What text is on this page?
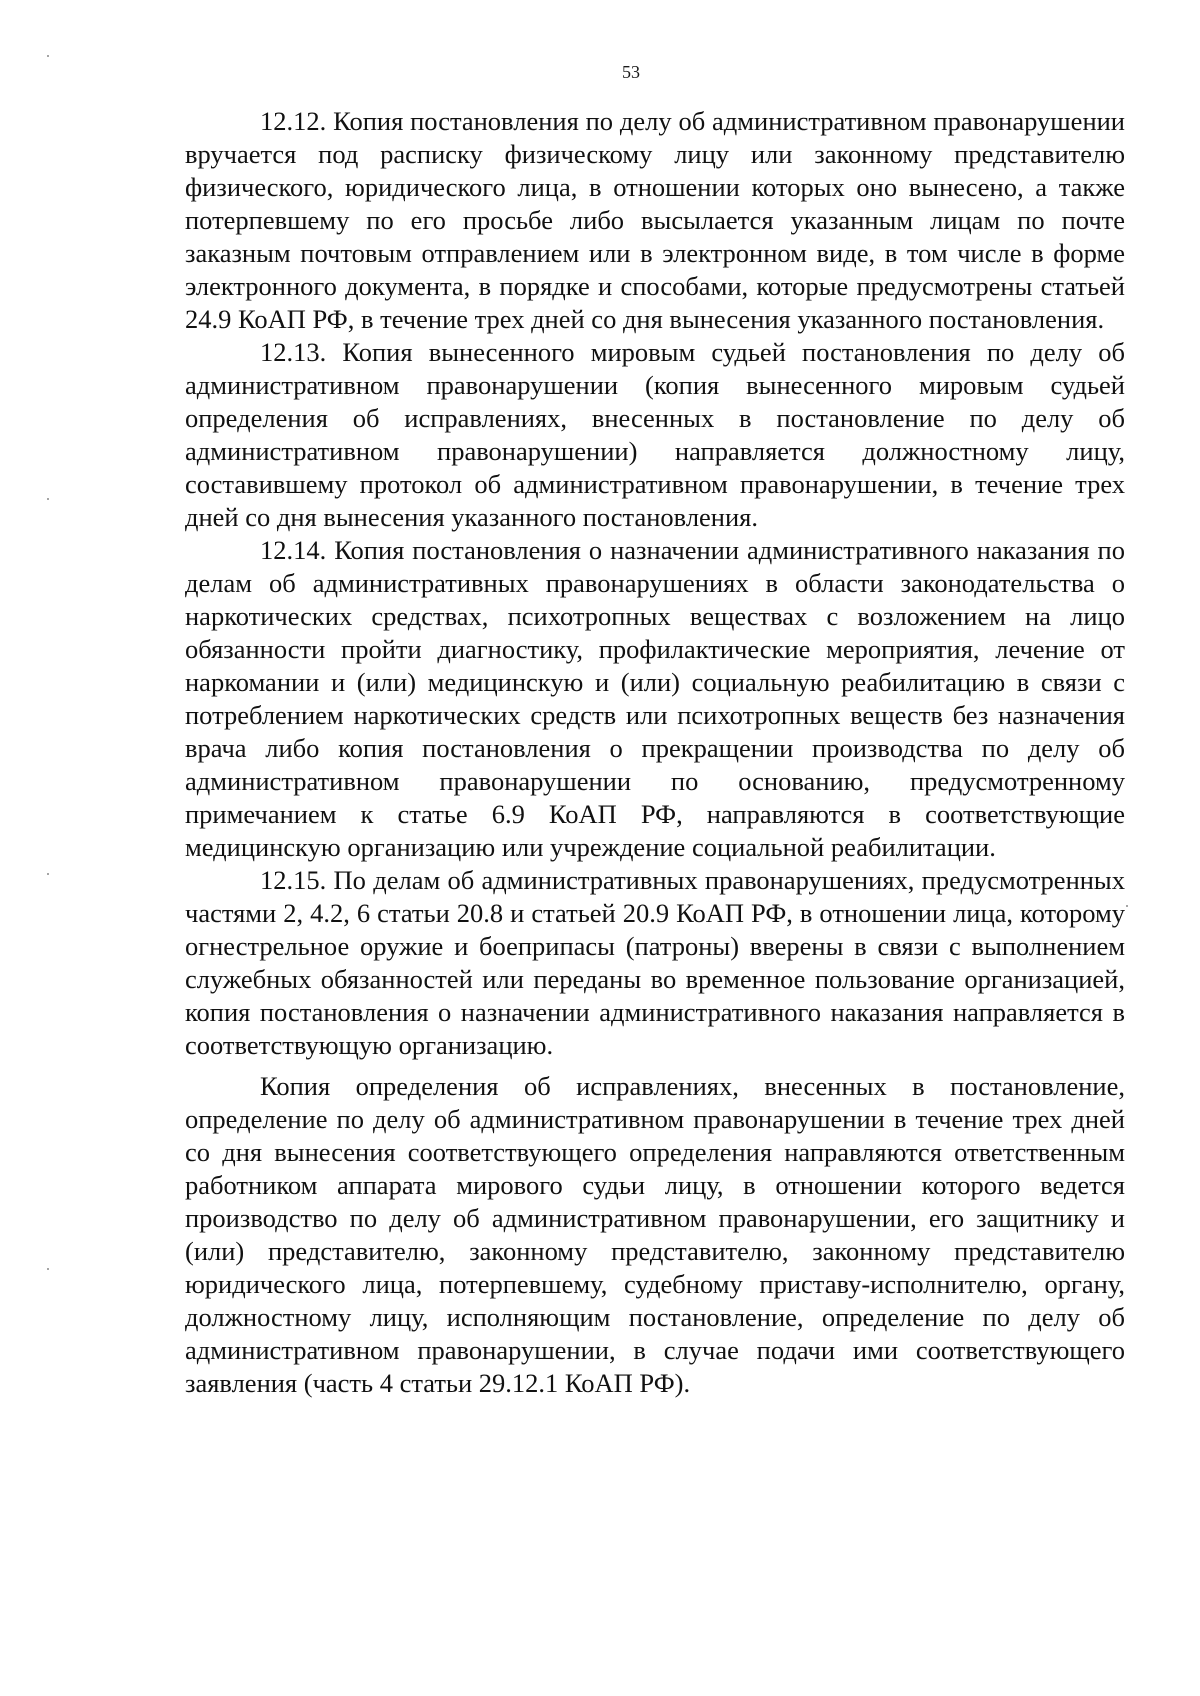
53

12.12. Копия постановления по делу об административном правонарушении вручается под расписку физическому лицу или законному представителю физического, юридического лица, в отношении которых оно вынесено, а также потерпевшему по его просьбе либо высылается указанным лицам по почте заказным почтовым отправлением или в электронном виде, в том числе в форме электронного документа, в порядке и способами, которые предусмотрены статьей 24.9 КоАП РФ, в течение трех дней со дня вынесения указанного постановления.

12.13. Копия вынесенного мировым судьей постановления по делу об административном правонарушении (копия вынесенного мировым судьей определения об исправлениях, внесенных в постановление по делу об административном правонарушении) направляется должностному лицу, составившему протокол об административном правонарушении, в течение трех дней со дня вынесения указанного постановления.

12.14. Копия постановления о назначении административного наказания по делам об административных правонарушениях в области законодательства о наркотических средствах, психотропных веществах с возложением на лицо обязанности пройти диагностику, профилактические мероприятия, лечение от наркомании и (или) медицинскую и (или) социальную реабилитацию в связи с потреблением наркотических средств или психотропных веществ без назначения врача либо копия постановления о прекращении производства по делу об административном правонарушении по основанию, предусмотренному примечанием к статье 6.9 КоАП РФ, направляются в соответствующие медицинскую организацию или учреждение социальной реабилитации.

12.15. По делам об административных правонарушениях, предусмотренных частями 2, 4.2, 6 статьи 20.8 и статьей 20.9 КоАП РФ, в отношении лица, которому огнестрельное оружие и боеприпасы (патроны) вверены в связи с выполнением служебных обязанностей или переданы во временное пользование организацией, копия постановления о назначении административного наказания направляется в соответствующую организацию.

Копия определения об исправлениях, внесенных в постановление, определение по делу об административном правонарушении в течение трех дней со дня вынесения соответствующего определения направляются ответственным работником аппарата мирового судьи лицу, в отношении которого ведется производство по делу об административном правонарушении, его защитнику и (или) представителю, законному представителю, законному представителю юридического лица, потерпевшему, судебному приставу-исполнителю, органу, должностному лицу, исполняющим постановление, определение по делу об административном правонарушении, в случае подачи ими соответствующего заявления (часть 4 статьи 29.12.1 КоАП РФ).
